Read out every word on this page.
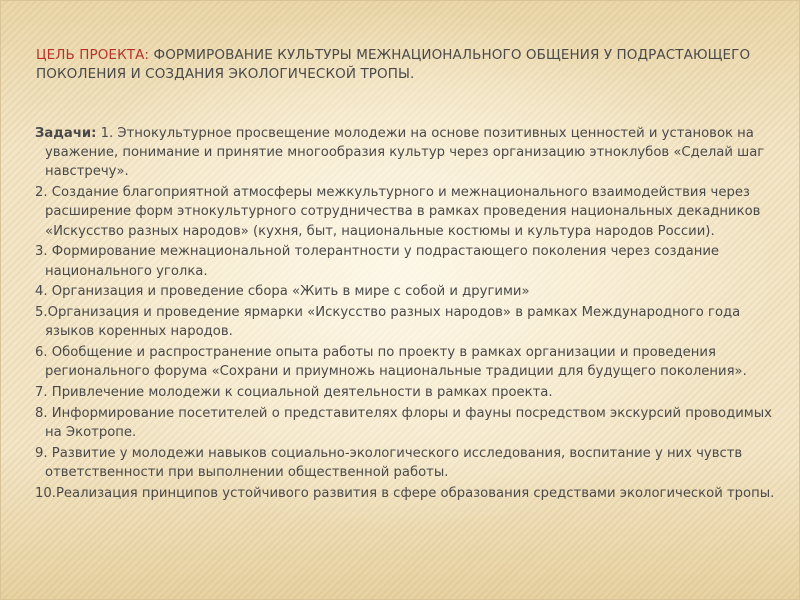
ЦЕЛЬ ПРОЕКТА: ФОРМИРОВАНИЕ КУЛЬТУРЫ МЕЖНАЦИОНАЛЬНОГО ОБЩЕНИЯ У ПОДРАСТАЮЩЕГО ПОКОЛЕНИЯ И СОЗДАНИЯ ЭКОЛОГИЧЕСКОЙ ТРОПЫ.
Задачи: 1. Этнокультурное просвещение молодежи на основе позитивных ценностей и установок на уважение, понимание и принятие многообразия культур через организацию этноклубов «Сделай шаг навстречу».
2. Создание благоприятной атмосферы межкультурного и межнационального взаимодействия через расширение форм этнокультурного сотрудничества в рамках проведения национальных декадников «Искусство разных народов» (кухня, быт, национальные костюмы и культура народов России).
3. Формирование межнациональной толерантности у подрастающего поколения через создание национального уголка.
4. Организация и проведение сбора «Жить в мире с собой и другими»
5.Организация и проведение ярмарки «Искусство разных народов» в рамках Международного года языков коренных народов.
6. Обобщение и распространение опыта работы по проекту в рамках организации и проведения регионального форума «Сохрани и приумножь национальные традиции для будущего поколения».
7. Привлечение молодежи к социальной деятельности в рамках проекта.
8. Информирование посетителей о представителях флоры и фауны посредством экскурсий проводимых на Экотропе.
9. Развитие у молодежи навыков социально-экологического исследования, воспитание у них чувств ответственности при выполнении общественной работы.
10.Реализация принципов устойчивого развития в сфере образования средствами экологической тропы.
